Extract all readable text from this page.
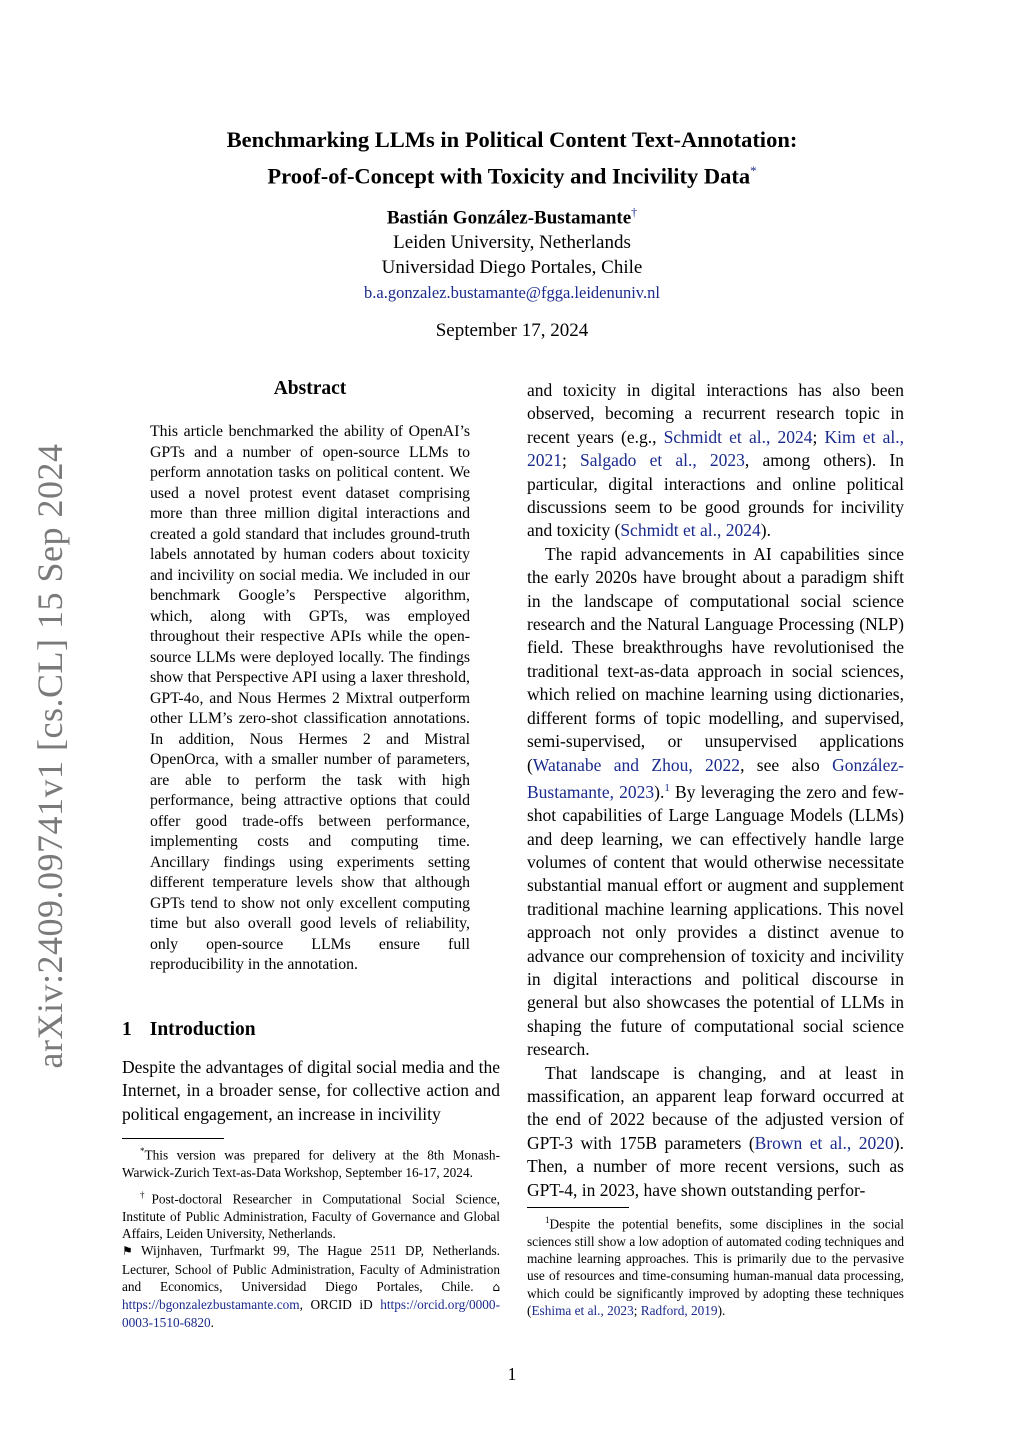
arXiv:2409.09741v1 [cs.CL] 15 Sep 2024
Benchmarking LLMs in Political Content Text-Annotation:
Proof-of-Concept with Toxicity and Incivility Data*
Bastián González-Bustamante†
Leiden University, Netherlands
Universidad Diego Portales, Chile
b.a.gonzalez.bustamante@fgga.leidenuniv.nl
September 17, 2024
Abstract
This article benchmarked the ability of OpenAI’s GPTs and a number of open-source LLMs to perform annotation tasks on political content. We used a novel protest event dataset comprising more than three million digital interactions and created a gold standard that includes ground-truth labels annotated by human coders about toxicity and incivility on social media. We included in our benchmark Google’s Perspective algorithm, which, along with GPTs, was employed throughout their respective APIs while the open-source LLMs were deployed locally. The findings show that Perspective API using a laxer threshold, GPT-4o, and Nous Hermes 2 Mixtral outperform other LLM’s zero-shot classification annotations. In addition, Nous Hermes 2 and Mistral OpenOrca, with a smaller number of parameters, are able to perform the task with high performance, being attractive options that could offer good trade-offs between performance, implementing costs and computing time. Ancillary findings using experiments setting different temperature levels show that although GPTs tend to show not only excellent computing time but also overall good levels of reliability, only open-source LLMs ensure full reproducibility in the annotation.
1 Introduction
Despite the advantages of digital social media and the Internet, in a broader sense, for collective action and political engagement, an increase in incivility

*This version was prepared for delivery at the 8th Monash-Warwick-Zurich Text-as-Data Workshop, September 16-17, 2024.

†Post-doctoral Researcher in Computational Social Science, Institute of Public Administration, Faculty of Governance and Global Affairs, Leiden University, Netherlands.
⚑ Wijnhaven, Turfmarkt 99, The Hague 2511 DP, Netherlands. Lecturer, School of Public Administration, Faculty of Administration and Economics, Universidad Diego Portales, Chile. ⌂ https://bgonzalezbustamante.com, ORCID iD https://orcid.org/0000-0003-1510-6820.

and toxicity in digital interactions has also been observed, becoming a recurrent research topic in recent years (e.g., Schmidt et al., 2024; Kim et al., 2021; Salgado et al., 2023, among others). In particular, digital interactions and online political discussions seem to be good grounds for incivility and toxicity (Schmidt et al., 2024).

The rapid advancements in AI capabilities since the early 2020s have brought about a paradigm shift in the landscape of computational social science research and the Natural Language Processing (NLP) field. These breakthroughs have revolutionised the traditional text-as-data approach in social sciences, which relied on machine learning using dictionaries, different forms of topic modelling, and supervised, semi-supervised, or unsupervised applications (Watanabe and Zhou, 2022, see also González-Bustamante, 2023).$^1$ By leveraging the zero and few-shot capabilities of Large Language Models (LLMs) and deep learning, we can effectively handle large volumes of content that would otherwise necessitate substantial manual effort or augment and supplement traditional machine learning applications. This novel approach not only provides a distinct avenue to advance our comprehension of toxicity and incivility in digital interactions and political discourse in general but also showcases the potential of LLMs in shaping the future of computational social science research.

That landscape is changing, and at least in massification, an apparent leap forward occurred at the end of 2022 because of the adjusted version of GPT-3 with 175B parameters (Brown et al., 2020). Then, a number of more recent versions, such as GPT-4, in 2023, have shown outstanding perfor-

$^1$Despite the potential benefits, some disciplines in the social sciences still show a low adoption of automated coding techniques and machine learning approaches. This is primarily due to the pervasive use of resources and time-consuming human-manual data processing, which could be significantly improved by adopting these techniques (Eshima et al., 2023; Radford, 2019).

1
